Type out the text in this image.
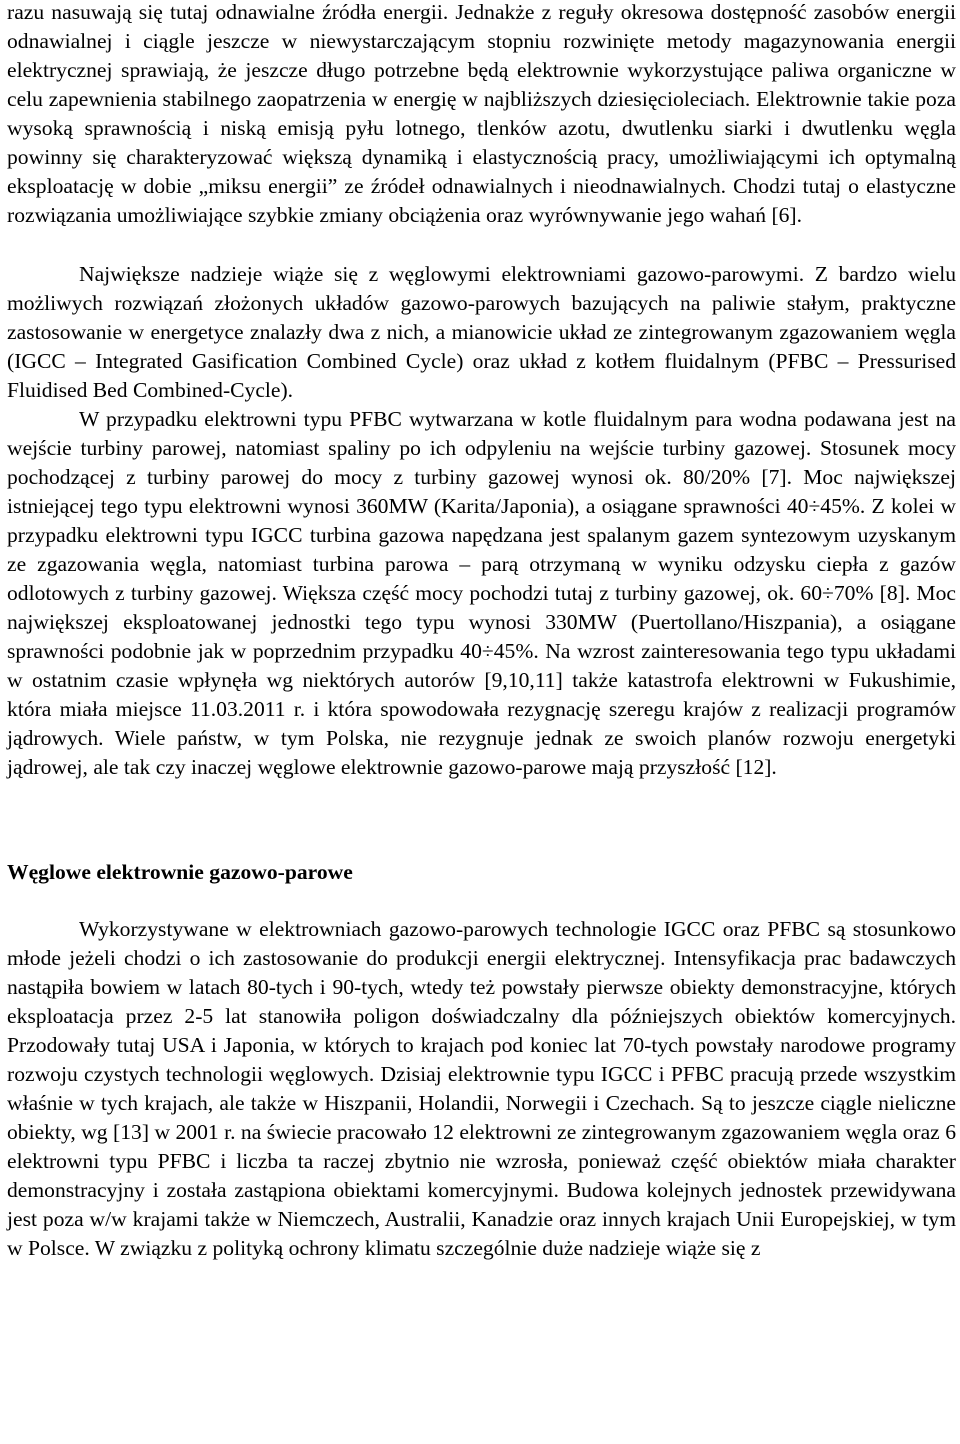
razu nasuwają się tutaj odnawialne źródła energii. Jednakże z reguły okresowa dostępność zasobów energii odnawialnej i ciągle jeszcze w niewystarczającym stopniu rozwinięte metody magazynowania energii elektrycznej sprawiają, że jeszcze długo potrzebne będą elektrownie wykorzystujące paliwa organiczne w celu zapewnienia stabilnego zaopatrzenia w energię w najbliższych dziesięcioleciach. Elektrownie takie poza wysoką sprawnością i niską emisją pyłu lotnego, tlenków azotu, dwutlenku siarki i dwutlenku węgla powinny się charakteryzować większą dynamiką i elastycznością pracy, umożliwiającymi ich optymalną eksploatację w dobie „miksu energii” ze źródeł odnawialnych i nieodnawialnych. Chodzi tutaj o elastyczne rozwiązania umożliwiające szybkie zmiany obciążenia oraz wyrównywanie jego wahań [6].

Największe nadzieje wiąże się z węglowymi elektrowniami gazowo-parowymi. Z bardzo wielu możliwych rozwiązań złożonych układów gazowo-parowych bazujących na paliwie stałym, praktyczne zastosowanie w energetyce znalazły dwa z nich, a mianowicie układ ze zintegrowanym zgazowaniem węgla (IGCC – Integrated Gasification Combined Cycle) oraz układ z kotłem fluidalnym (PFBC – Pressurised Fluidised Bed Combined-Cycle).

W przypadku elektrowni typu PFBC wytwarzana w kotle fluidalnym para wodna podawana jest na wejście turbiny parowej, natomiast spaliny po ich odpyleniu na wejście turbiny gazowej. Stosunek mocy pochodzącej z turbiny parowej do mocy z turbiny gazowej wynosi ok. 80/20% [7]. Moc największej istniejącej tego typu elektrowni wynosi 360MW (Karita/Japonia), a osiągane sprawności 40÷45%. Z kolei w przypadku elektrowni typu IGCC turbina gazowa napędzana jest spalanym gazem syntezowym uzyskanym ze zgazowania węgla, natomiast turbina parowa – parą otrzymaną w wyniku odzysku ciepła z gazów odlotowych z turbiny gazowej. Większa część mocy pochodzi tutaj z turbiny gazowej, ok. 60÷70% [8]. Moc największej eksploatowanej jednostki tego typu wynosi 330MW (Puertollano/Hiszpania), a osiągane sprawności podobnie jak w poprzednim przypadku 40÷45%. Na wzrost zainteresowania tego typu układami w ostatnim czasie wpłynęła wg niektórych autorów [9,10,11] także katastrofa elektrowni w Fukushimie, która miała miejsce 11.03.2011 r. i która spowodowała rezygnację szeregu krajów z realizacji programów jądrowych. Wiele państw, w tym Polska, nie rezygnuje jednak ze swoich planów rozwoju energetyki jądrowej, ale tak czy inaczej węglowe elektrownie gazowo-parowe mają przyszłość [12].

Węglowe elektrownie gazowo-parowe

Wykorzystywane w elektrowniach gazowo-parowych technologie IGCC oraz PFBC są stosunkowo młode jeżeli chodzi o ich zastosowanie do produkcji energii elektrycznej. Intensyfikacja prac badawczych nastąpiła bowiem w latach 80-tych i 90-tych, wtedy też powstały pierwsze obiekty demonstracyjne, których eksploatacja przez 2-5 lat stanowiła poligon doświadczalny dla późniejszych obiektów komercyjnych. Przodowały tutaj USA i Japonia, w których to krajach pod koniec lat 70-tych powstały narodowe programy rozwoju czystych technologii węglowych. Dzisiaj elektrownie typu IGCC i PFBC pracują przede wszystkim właśnie w tych krajach, ale także w Hiszpanii, Holandii, Norwegii i Czechach. Są to jeszcze ciągle nieliczne obiekty, wg [13] w 2001 r. na świecie pracowało 12 elektrowni ze zintegrowanym zgazowaniem węgla oraz 6 elektrowni typu PFBC i liczba ta raczej zbytnio nie wzrosła, ponieważ część obiektów miała charakter demonstracyjny i została zastąpiona obiektami komercyjnymi. Budowa kolejnych jednostek przewidywana jest poza w/w krajami także w Niemczech, Australii, Kanadzie oraz innych krajach Unii Europejskiej, w tym w Polsce. W związku z polityką ochrony klimatu szczególnie duże nadzieje wiąże się z
